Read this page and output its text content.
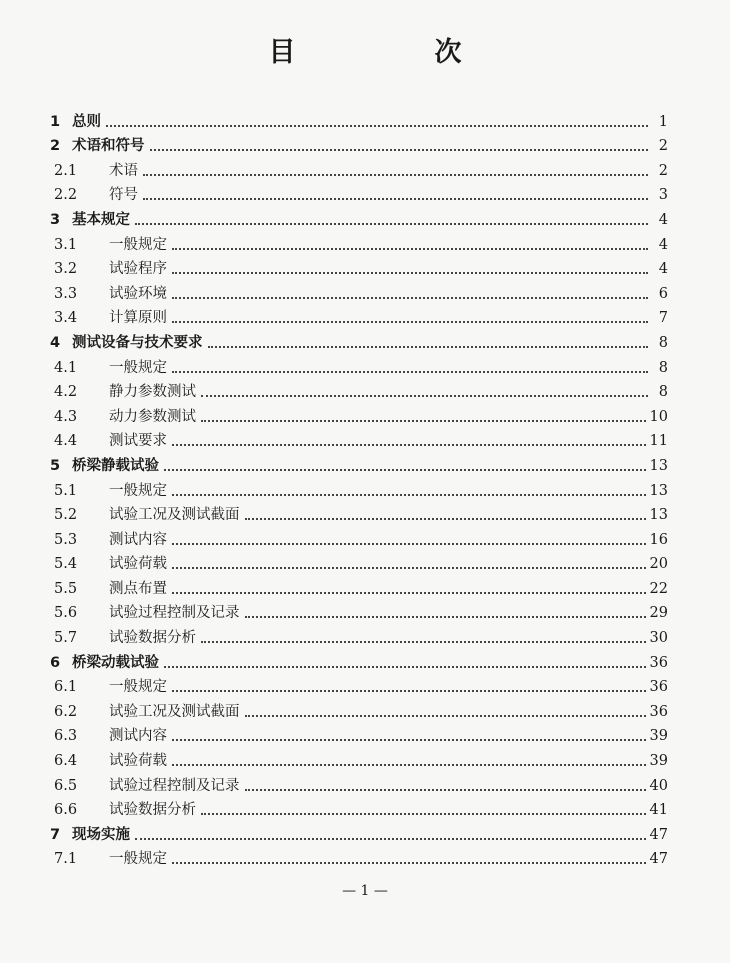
目　次
1 总则	1
2 术语和符号	2
2.1	术语	2
2.2	符号	3
3 基本规定	4
3.1	一般规定	4
3.2	试验程序	4
3.3	试验环境	6
3.4	计算原则	7
4 测试设备与技术要求	8
4.1	一般规定	8
4.2	静力参数测试	8
4.3	动力参数测试	10
4.4	测试要求	11
5 桥梁静载试验	13
5.1	一般规定	13
5.2	试验工况及测试截面	13
5.3	测试内容	16
5.4	试验荷载	20
5.5	测点布置	22
5.6	试验过程控制及记录	29
5.7	试验数据分析	30
6 桥梁动载试验	36
6.1	一般规定	36
6.2	试验工况及测试截面	36
6.3	测试内容	39
6.4	试验荷载	39
6.5	试验过程控制及记录	40
6.6	试验数据分析	41
7 现场实施	47
7.1	一般规定	47
— 1 —
